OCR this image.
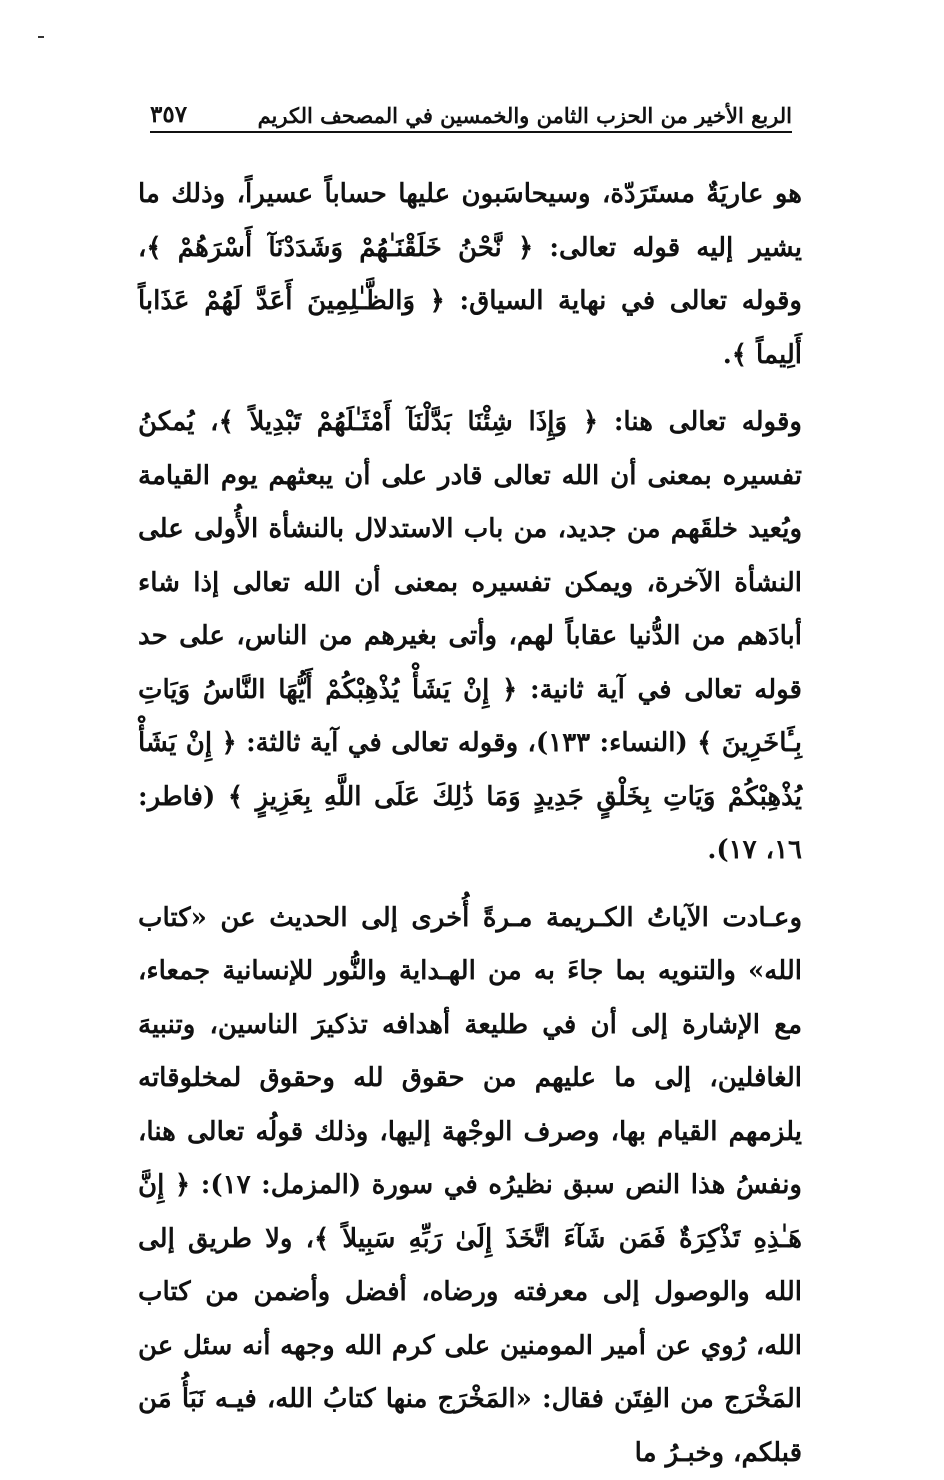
٣٥٧	الربع الأخير من الحزب الثامن والخمسين في المصحف الكريم

هو عاريَةٌ مستَرَدّة، وسيحاسَبون عليها حساباً عسيراً، وذلك ما يشير إليه قوله تعالى: ﴿ نَّحْنُ خَلَقْنَـٰهُمْ وَشَدَدْنَآ أَسْرَهُمْ ﴾، وقوله تعالى في نهاية السياق: ﴿ وَالظَّـٰلِمِينَ أَعَدَّ لَهُمْ عَذَاباً أَلِيماً ﴾.

وقوله تعالى هنا: ﴿ وَإِذَا شِئْنَا بَدَّلْنَآ أَمْثَـٰلَهُمْ تَبْدِيلاً ﴾، يُمكنُ تفسيره بمعنى أن الله تعالى قادر على أن يبعثهم يوم القيامة ويُعيد خلقَهم من جديد، من باب الاستدلال بالنشأة الأُولى على النشأة الآخرة، ويمكن تفسيره بمعنى أن الله تعالى إذا شاء أبادَهم من الدُّنيا عقاباً لهم، وأتى بغيرهم من الناس، على حد قوله تعالى في آية ثانية: ﴿ إِنْ يَشَأْ يُذْهِبْكُمْ أَيُّهَا النَّاسُ وَيَاتِ بِـَٔاخَرِينَ ﴾ (النساء: ١٣٣)، وقوله تعالى في آية ثالثة: ﴿ إِنْ يَشَأْ يُذْهِبْكُمْ وَيَاتِ بِخَلْقٍ جَدِيدٍ وَمَا ذَٰلِكَ عَلَى اللَّهِ بِعَزِيزٍ ﴾ (فاطر: ١٦، ١٧).

وعـادت الآياتُ الكـريمة مـرةً أُخرى إلى الحديث عن «كتاب الله» والتنويه بما جاءَ به من الهـداية والنُّور للإنسانية جمعاء، مع الإشارة إلى أن في طليعة أهدافه تذكيرَ الناسين، وتنبيهَ الغافلين، إلى ما عليهم من حقوق لله وحقوق لمخلوقاته يلزمهم القيام بها، وصرف الوجْهة إليها، وذلك قولُه تعالى هنا، ونفسُ هذا النص سبق نظيرُه في سورة (المزمل: ١٧): ﴿ إِنَّ هَـٰذِهِ تَذْكِرَةٌ فَمَن شَآءَ اتَّخَذَ إِلَىٰ رَبِّهِ سَبِيلاً ﴾، ولا طريق إلى الله والوصول إلى معرفته ورضاه، أفضل وأضمن من كتاب الله، رُوي عن أمير المومنين على كرم الله وجهه أنه سئل عن المَخْرَج من الفِتَن فقال: «المَخْرَج منها كتابُ الله، فيـه نَبَأُ مَن قبلكم، وخبـرُ ما
